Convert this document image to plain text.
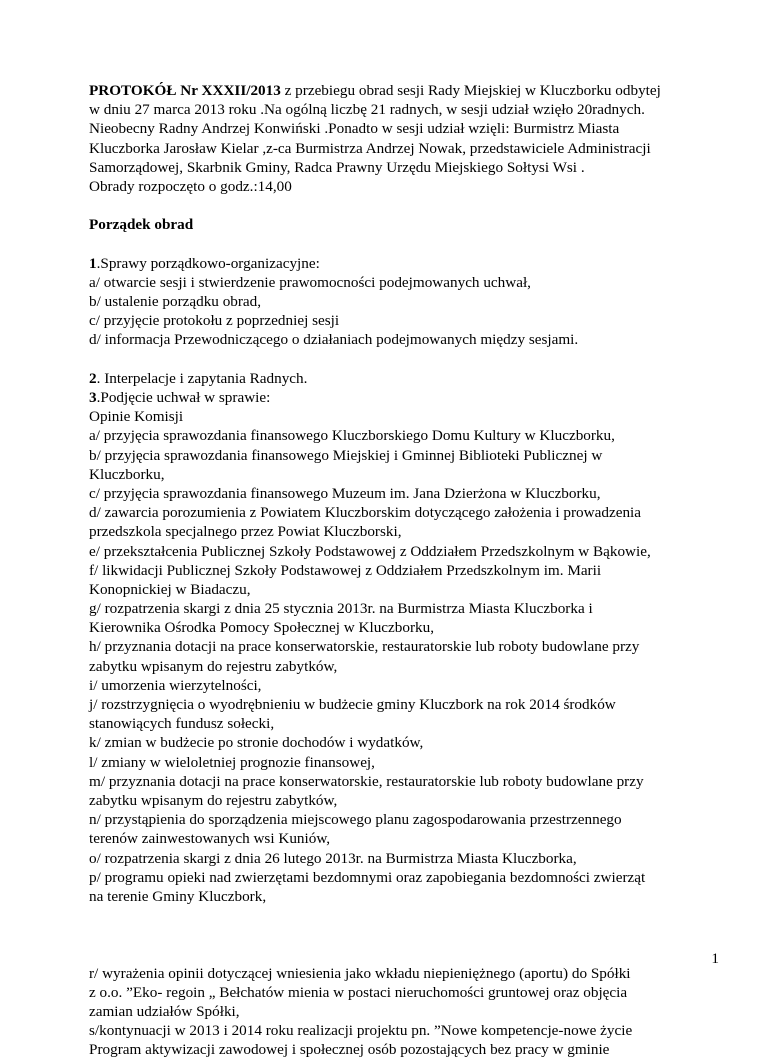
PROTOKÓŁ Nr XXXII/2013 z przebiegu obrad sesji Rady Miejskiej w Kluczborku odbytej
w dniu 27 marca 2013 roku .Na ogólną liczbę 21 radnych, w sesji udział wzięło 20radnych.
Nieobecny Radny Andrzej Konwiński .Ponadto w sesji udział wzięli: Burmistrz Miasta
Kluczborka Jarosław Kielar ,z-ca Burmistrza Andrzej Nowak, przedstawiciele Administracji
Samorządowej, Skarbnik Gminy, Radca Prawny Urzędu Miejskiego Sołtysi Wsi .
Obrady rozpoczęto o godz.:14,00
Porządek obrad
1.Sprawy porządkowo-organizacyjne:
a/ otwarcie sesji i stwierdzenie prawomocności podejmowanych uchwał,
b/ ustalenie porządku obrad,
c/ przyjęcie protokołu z poprzedniej sesji
d/ informacja Przewodniczącego o działaniach podejmowanych między sesjami.
2. Interpelacje i zapytania Radnych.
3.Podjęcie uchwał w sprawie:
Opinie Komisji
a/ przyjęcia sprawozdania finansowego Kluczborskiego Domu Kultury w Kluczborku,
b/ przyjęcia sprawozdania finansowego Miejskiej i Gminnej Biblioteki Publicznej w
Kluczborku,
c/ przyjęcia sprawozdania finansowego Muzeum im. Jana Dzierżona w Kluczborku,
d/ zawarcia porozumienia z Powiatem Kluczborskim dotyczącego założenia i prowadzenia
przedszkola specjalnego przez Powiat Kluczborski,
e/ przekształcenia Publicznej Szkoły Podstawowej z Oddziałem Przedszkolnym w Bąkowie,
f/ likwidacji Publicznej Szkoły Podstawowej z Oddziałem Przedszkolnym im. Marii
Konopnickiej w Biadaczu,
g/ rozpatrzenia skargi z dnia 25 stycznia 2013r. na Burmistrza Miasta Kluczborka i
Kierownika Ośrodka Pomocy Społecznej w Kluczborku,
h/ przyznania dotacji na prace konserwatorskie, restauratorskie lub roboty budowlane przy
zabytku wpisanym do rejestru zabytków,
i/ umorzenia wierzytelności,
j/ rozstrzygnięcia o wyodrębnieniu w budżecie gminy Kluczbork na rok 2014 środków
stanowiących fundusz sołecki,
k/ zmian w budżecie po stronie dochodów i wydatków,
l/ zmiany w wieloletniej prognozie finansowej,
m/ przyznania dotacji na prace konserwatorskie, restauratorskie lub roboty budowlane przy
zabytku wpisanym do rejestru zabytków,
n/ przystąpienia do sporządzenia miejscowego planu zagospodarowania przestrzennego
terenów zainwestowanych wsi Kuniów,
o/ rozpatrzenia skargi z dnia 26 lutego 2013r. na Burmistrza Miasta Kluczborka,
p/ programu opieki nad zwierzętami bezdomnymi oraz zapobiegania bezdomności zwierząt
na terenie Gminy Kluczbork,
r/ wyrażenia opinii dotyczącej wniesienia jako wkładu niepieniężnego (aportu) do Spółki
z o.o. ”Eko- regoin „ Bełchatów mienia w postaci nieruchomości gruntowej oraz objęcia
zamian udziałów Spółki,
s/kontynuacji w 2013 i 2014 roku realizacji projektu pn. ”Nowe kompetencje-nowe życie
Program aktywizacji zawodowej i społecznej osób pozostających bez pracy w gminie
1
